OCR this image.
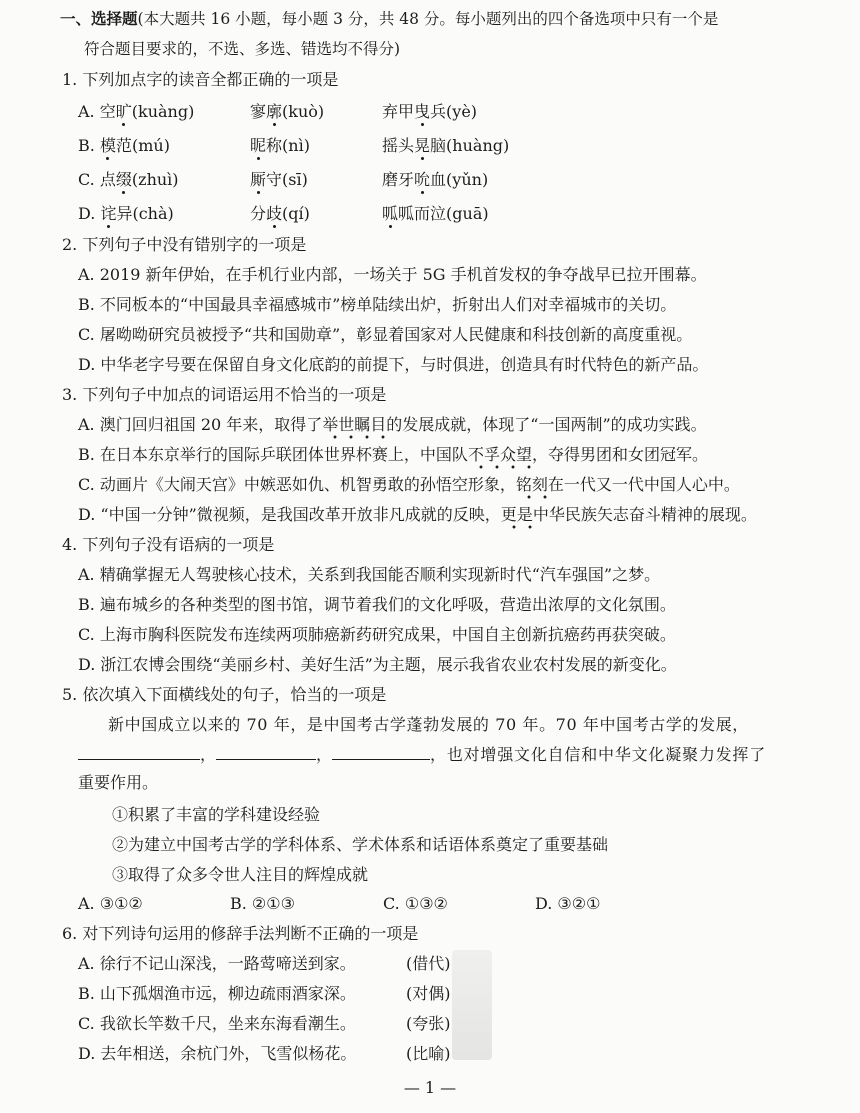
一、选择题(本大题共 16 小题，每小题 3 分，共 48 分。每小题列出的四个备选项中只有一个是
符合题目要求的，不选、多选、错选均不得分)
1. 下列加点字的读音全都正确的一项是
A. 空旷(kuàng)	寥廓(kuò)	弃甲曳兵(yè)
B. 模范(mú)	昵称(nì)	摇头晃脑(huàng)
C. 点缀(zhuì)	厮守(sī)	磨牙吮血(yǔn)
D. 诧异(chà)	分歧(qí)	呱呱而泣(guā)
2. 下列句子中没有错别字的一项是
A. 2019 新年伊始，在手机行业内部，一场关于 5G 手机首发权的争夺战早已拉开围幕。
B. 不同板本的“中国最具幸福感城市”榜单陆续出炉，折射出人们对幸福城市的关切。
C. 屠呦呦研究员被授予“共和国勋章”，彰显着国家对人民健康和科技创新的高度重视。
D. 中华老字号要在保留自身文化底韵的前提下，与时俱进，创造具有时代特色的新产品。
3. 下列句子中加点的词语运用不恰当的一项是
A. 澳门回归祖国 20 年来，取得了举世瞩目的发展成就，体现了“一国两制”的成功实践。
B. 在日本东京举行的国际乒联团体世界杯赛上，中国队不孚众望，夺得男团和女团冠军。
C. 动画片《大闹天宫》中嫉恶如仇、机智勇敢的孙悟空形象，铭刻在一代又一代中国人心中。
D. “中国一分钟”微视频，是我国改革开放非凡成就的反映，更是中华民族矢志奋斗精神的展现。
4. 下列句子没有语病的一项是
A. 精确掌握无人驾驶核心技术，关系到我国能否顺利实现新时代“汽车强国”之梦。
B. 遍布城乡的各种类型的图书馆，调节着我们的文化呼吸，营造出浓厚的文化氛围。
C. 上海市胸科医院发布连续两项肺癌新药研究成果，中国自主创新抗癌药再获突破。
D. 浙江农博会围绕“美丽乡村、美好生活”为主题，展示我省农业农村发展的新变化。
5. 依次填入下面横线处的句子，恰当的一项是
新中国成立以来的 70 年，是中国考古学蓬勃发展的 70 年。70 年中国考古学的发展，
，	，	，也对增强文化自信和中华文化凝聚力发挥了
重要作用。
①积累了丰富的学科建设经验
②为建立中国考古学的学科体系、学术体系和话语体系奠定了重要基础
③取得了众多令世人注目的辉煌成就
A. ③①②	B. ②①③	C. ①③②	D. ③②①
6. 对下列诗句运用的修辞手法判断不正确的一项是
A. 徐行不记山深浅，一路莺啼送到家。	(借代)
B. 山下孤烟渔市远，柳边疏雨酒家深。	(对偶)
C. 我欲长竿数千尺，坐来东海看潮生。	(夸张)
D. 去年相送，余杭门外，飞雪似杨花。	(比喻)
— 1 —
